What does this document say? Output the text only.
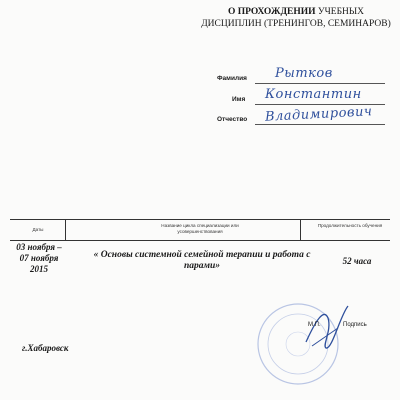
О ПРОХОЖДЕНИИ УЧЕБНЫХ
ДИСЦИПЛИН (ТРЕНИНГОВ, СЕМИНАРОВ)
Фамилия Рытков
Имя Константин
Отчество Владимирович
Даты
Название цикла специализации или усовершенствования
Продолжительность обучения
03 ноября – 07 ноября 2015
« Основы системной семейной терапии и работа с парами»	52 часа
М.П.	Подпись
г.Хабаровск
